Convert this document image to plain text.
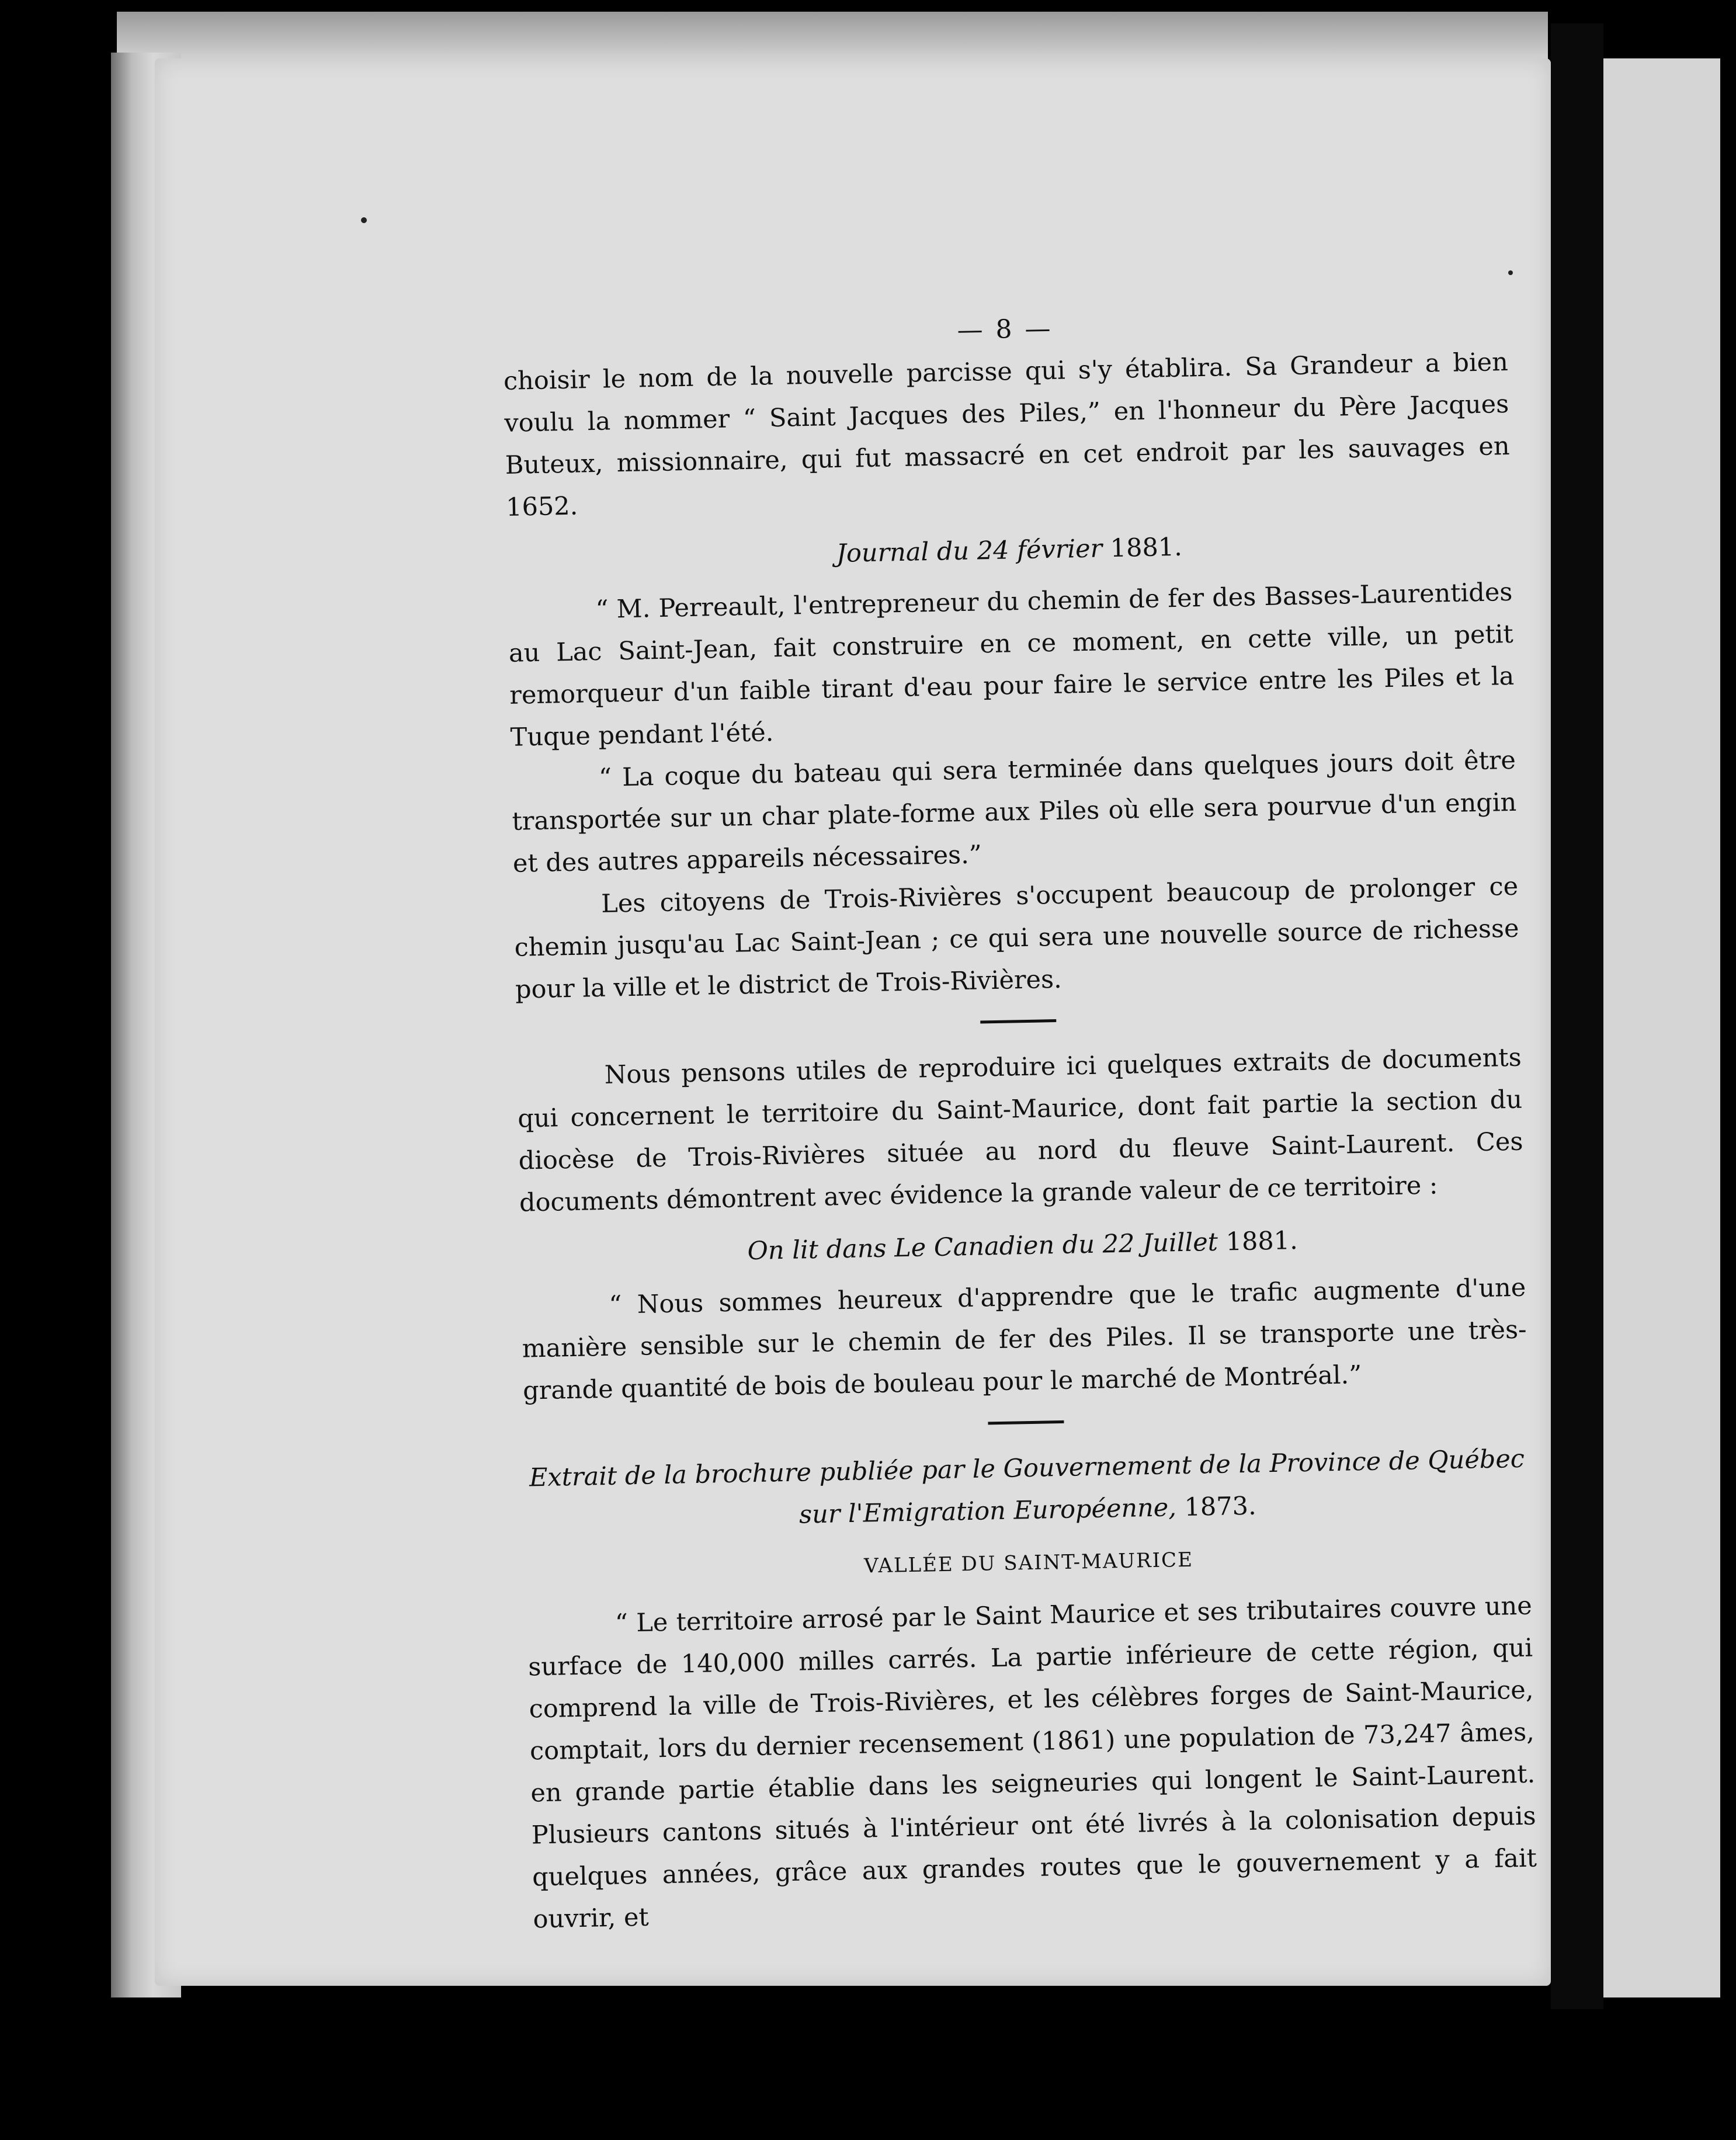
— 8 —

choisir le nom de la nouvelle parcisse qui s'y établira. Sa Grandeur a bien voulu la nommer “ Saint Jacques des Piles,” en l'honneur du Père Jacques Buteux, missionnaire, qui fut massacré en cet endroit par les sauvages en 1652.

Journal du 24 février 1881.

“ M. Perreault, l'entrepreneur du chemin de fer des Basses-Laurentides au Lac Saint-Jean, fait construire en ce moment, en cette ville, un petit remorqueur d'un faible tirant d'eau pour faire le service entre les Piles et la Tuque pendant l'été.

“ La coque du bateau qui sera terminée dans quelques jours doit être transportée sur un char plate-forme aux Piles où elle sera pourvue d'un engin et des autres appareils nécessaires.”

Les citoyens de Trois-Rivières s'occupent beaucoup de prolonger ce chemin jusqu'au Lac Saint-Jean ; ce qui sera une nouvelle source de richesse pour la ville et le district de Trois-Rivières.

Nous pensons utiles de reproduire ici quelques extraits de documents qui concernent le territoire du Saint-Maurice, dont fait partie la section du diocèse de Trois-Rivières située au nord du fleuve Saint-Laurent. Ces documents démontrent avec évidence la grande valeur de ce territoire :

On lit dans Le Canadien du 22 Juillet 1881.

“ Nous sommes heureux d'apprendre que le trafic augmente d'une manière sensible sur le chemin de fer des Piles. Il se transporte une très-grande quantité de bois de bouleau pour le marché de Montréal.”

Extrait de la brochure publiée par le Gouvernement de la Province de Québec sur l'Emigration Européenne, 1873.
VALLÉE DU SAINT-MAURICE

“ Le territoire arrosé par le Saint Maurice et ses tributaires couvre une surface de 140,000 milles carrés. La partie inférieure de cette région, qui comprend la ville de Trois-Rivières, et les célèbres forges de Saint-Maurice, comptait, lors du dernier recensement (1861) une population de 73,247 âmes, en grande partie établie dans les seigneuries qui longent le Saint-Laurent. Plusieurs cantons situés à l'intérieur ont été livrés à la colonisation depuis quelques années, grâce aux grandes routes que le gouvernement y a fait ouvrir, et
